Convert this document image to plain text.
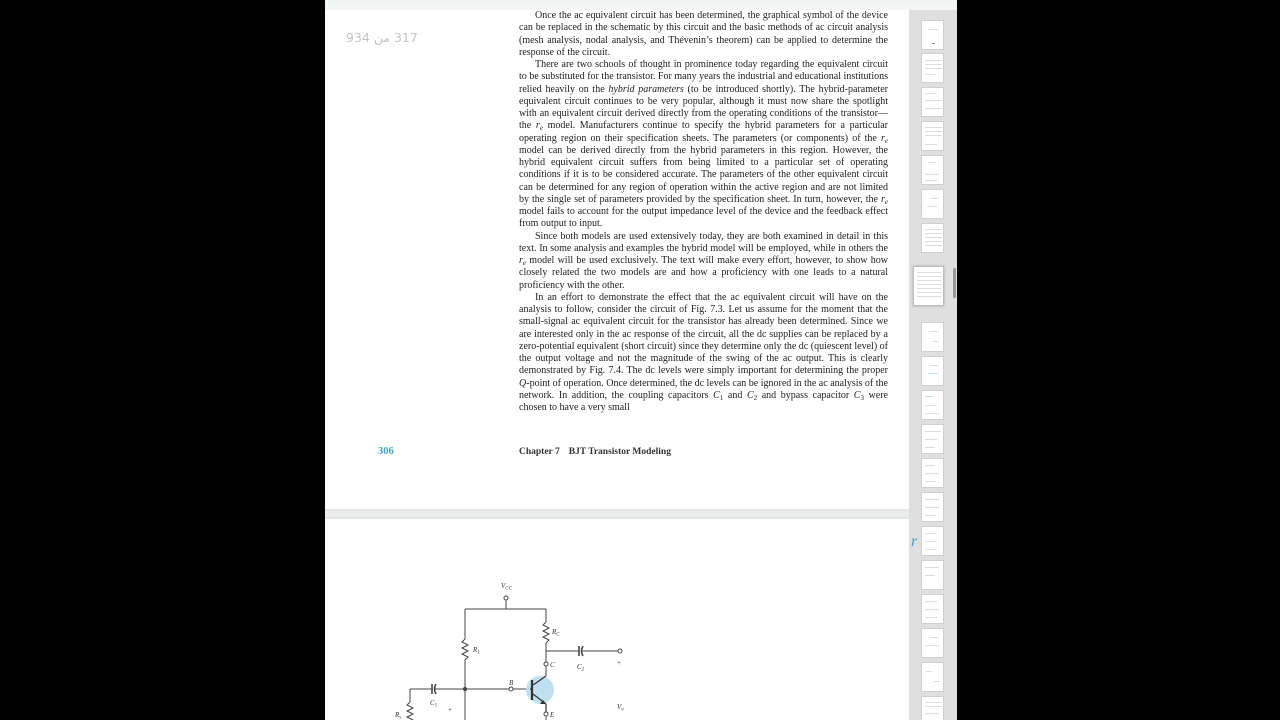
317 من 934

Once the ac equivalent circuit has been determined, the graphical symbol of the device can be replaced in the schematic by this circuit and the basic methods of ac circuit analysis (mesh analysis, nodal analysis, and Thévenin’s theorem) can be applied to determine the response of the circuit.

There are two schools of thought in prominence today regarding the equivalent circuit to be substituted for the transistor. For many years the industrial and educational institutions relied heavily on the hybrid parameters (to be introduced shortly). The hybrid-parameter equivalent circuit continues to be very popular, although it must now share the spotlight with an equivalent circuit derived directly from the operating conditions of the transistor—the $r_e$ model. Manufacturers continue to specify the hybrid parameters for a particular operating region on their specification sheets. The parameters (or components) of the $r_e$ model can be derived directly from the hybrid parameters in this region. However, the hybrid equivalent circuit suffers from being limited to a particular set of operating conditions if it is to be considered accurate. The parameters of the other equivalent circuit can be determined for any region of operation within the active region and are not limited by the single set of parameters provided by the specification sheet. In turn, however, the $r_e$ model fails to account for the output impedance level of the device and the feedback effect from output to input.

Since both models are used extensively today, they are both examined in detail in this text. In some analysis and examples the hybrid model will be employed, while in others the $r_e$ model will be used exclusively. The text will make every effort, however, to show how closely related the two models are and how a proficiency with one leads to a natural proficiency with the other.

In an effort to demonstrate the effect that the ac equivalent circuit will have on the analysis to follow, consider the circuit of Fig. 7.3. Let us assume for the moment that the small-signal ac equivalent circuit for the transistor has already been determined. Since we are interested only in the ac response of the circuit, all the dc supplies can be replaced by a zero-potential equivalent (short circuit) since they determine only the dc (quiescent level) of the output voltage and not the magnitude of the swing of the ac output. This is clearly demonstrated by Fig. 7.4. The dc levels were simply important for determining the proper Q-point of operation. Once determined, the dc levels can be ignored in the ac analysis of the network. In addition, the coupling capacitors $C_1$ and $C_2$ and bypass capacitor $C_3$ were chosen to have a very small

306	Chapter 7 BJT Transistor Modeling
$V_{CC}$
$R_C$
$R_1$
C	$C_2$
+
B
$C_1$ +
$R_s$	E
$V_o$
r
